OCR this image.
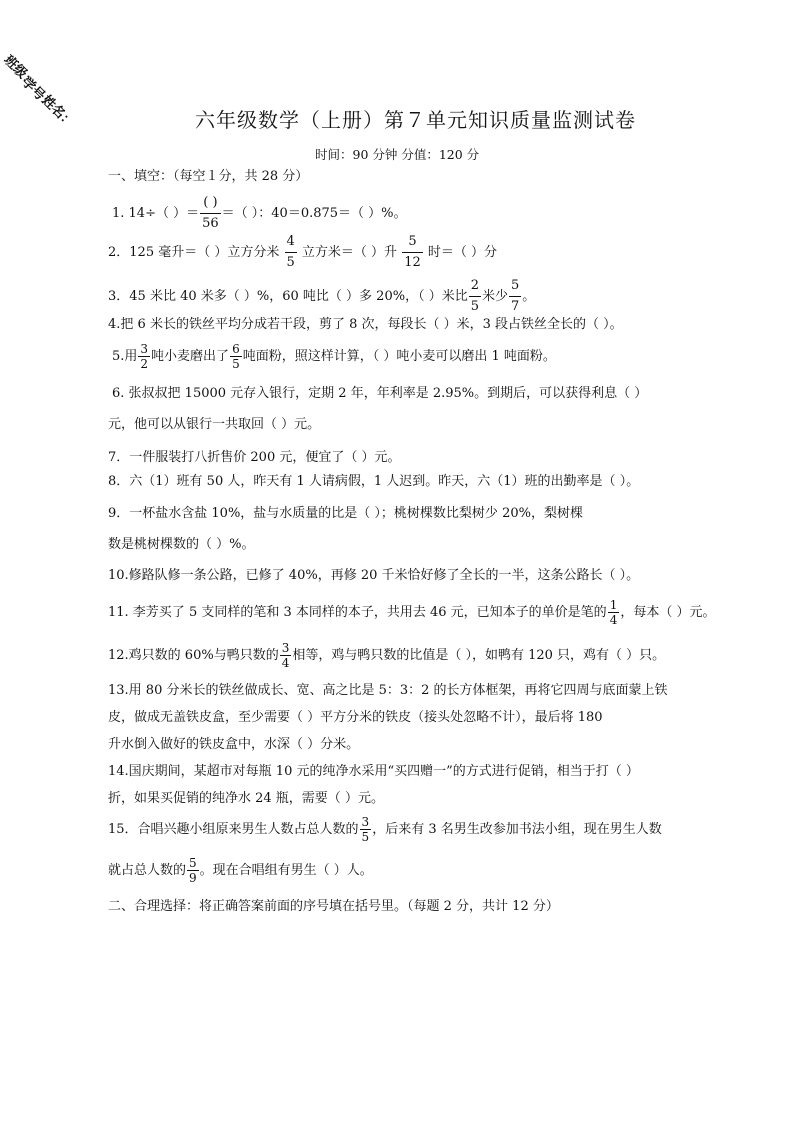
班级：
学号：
姓名：	六年级数学（上册）第７单元知识质量监测试卷
时间：90 分钟 分值：120 分
一、填空：（每空１分，共 28 分）
1. 14÷（ ）＝ $\frac{( )}{56}$ ＝（ ）：40＝0.875＝（ ）%。
2．125 毫升＝（ ）立方分米 $\frac{4}{5}$ 立方米＝（ ）升 $\frac{5}{12}$ 时＝（ ）分
3．45 米比 40 米多（ ）%，60 吨比（ ）多 20%，（ ）米比 $\frac{2}{5}$ 米少 $\frac{5}{7}$ 。
4.把 6 米长的铁丝平均分成若干段，剪了 8 次，每段长（ ）米，3 段占铁丝全长的（ ）。
5.用 $\frac{3}{2}$ 吨小麦磨出了 $\frac{6}{5}$ 吨面粉，照这样计算，（ ）吨小麦可以磨出 1 吨面粉。
6. 张叔叔把 15000 元存入银行，定期 2 年，年利率是 2.95%。到期后，可以获得利息（ ）
元，他可以从银行一共取回（ ）元。
7．一件服装打八折售价 200 元，便宜了（ ）元。
8．六（1）班有 50 人，昨天有 1 人请病假，1 人迟到。昨天，六（1）班的出勤率是（ ）。
9．一杯盐水含盐 10%，盐与水质量的比是（ ）；桃树棵数比梨树少 20%，梨树棵
数是桃树棵数的（ ）%。
10.修路队修一条公路，已修了 40%，再修 20 千米恰好修了全长的一半，这条公路长（ ）。
11. 李芳买了 5 支同样的笔和 3 本同样的本子，共用去 46 元，已知本子的单价是笔的 $\frac{1}{4}$ ，每本（ ）元。
12.鸡只数的 60%与鸭只数的 $\frac{3}{4}$ 相等，鸡与鸭只数的比值是（ ），如鸭有 120 只，鸡有（ ）只。
13.用 80 分米长的铁丝做成长、宽、高之比是 5：3：2 的长方体框架，再将它四周与底面蒙上铁
皮，做成无盖铁皮盒，至少需要（ ）平方分米的铁皮（接头处忽略不计），最后将 180
升水倒入做好的铁皮盒中，水深（ ）分米。
14.国庆期间，某超市对每瓶 10 元的纯净水采用“买四赠一”的方式进行促销，相当于打（ ）
折，如果买促销的纯净水 24 瓶，需要（ ）元。
15．合唱兴趣小组原来男生人数占总人数的 $\frac{3}{5}$ ，后来有 3 名男生改参加书法小组，现在男生人数
就占总人数的 $\frac{5}{9}$ 。现在合唱组有男生（ ）人。
二、合理选择：将正确答案前面的序号填在括号里。（每题 2 分，共计 12 分）
